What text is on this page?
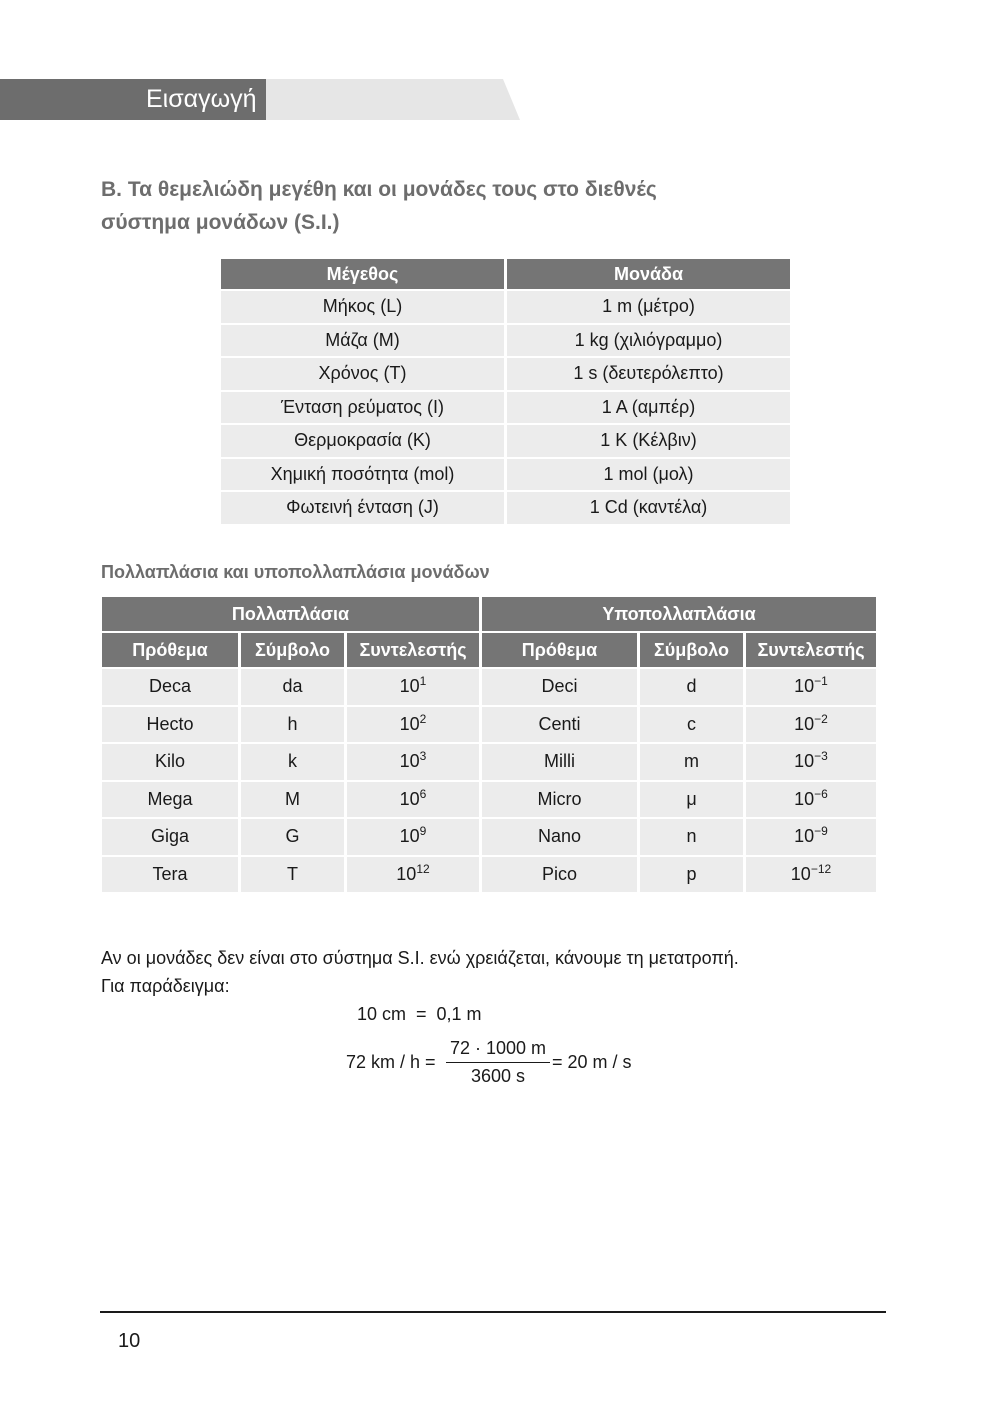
Εισαγωγή
Β. Τα θεμελιώδη μεγέθη και οι μονάδες τους στο διεθνές
σύστημα μονάδων (S.I.)
Μέγεθος	Μονάδα
Μήκος (L)	1 m (μέτρο)
Μάζα (M)	1 kg (χιλιόγραμμο)
Χρόνος (T)	1 s (δευτερόλεπτο)
Ένταση ρεύματος (I)	1 A (αμπέρ)
Θερμοκρασία (K)	1 K (Κέλβιν)
Χημική ποσότητα (mol)	1 mol (μολ)
Φωτεινή ένταση (J)	1 Cd (καντέλα)
Πολλαπλάσια και υποπολλαπλάσια μονάδων
Πολλαπλάσια			Υποπολλαπλάσια		
Πρόθεμα	Σύμβολο	Συντελεστής	Πρόθεμα	Σύμβολο	Συντελεστής
Deca	da	$10^1$	Deci	d	$10^{-1}$
Hecto	h	$10^2$	Centi	c	$10^{-2}$
Kilo	k	$10^3$	Milli	m	$10^{-3}$
Mega	M	$10^6$	Micro	μ	$10^{-6}$
Giga	G	$10^9$	Nano	n	$10^{-9}$
Tera	T	$10^{12}$	Pico	p	$10^{-12}$
Αν οι μονάδες δεν είναι στο σύστημα S.I. ενώ χρειάζεται, κάνουμε τη μετατροπή.
Για παράδειγμα:
10 cm  =  0,1 m
72 km / $h = \frac{72 \cdot 1000 m}{3600 s} = 20$ m / s
10
